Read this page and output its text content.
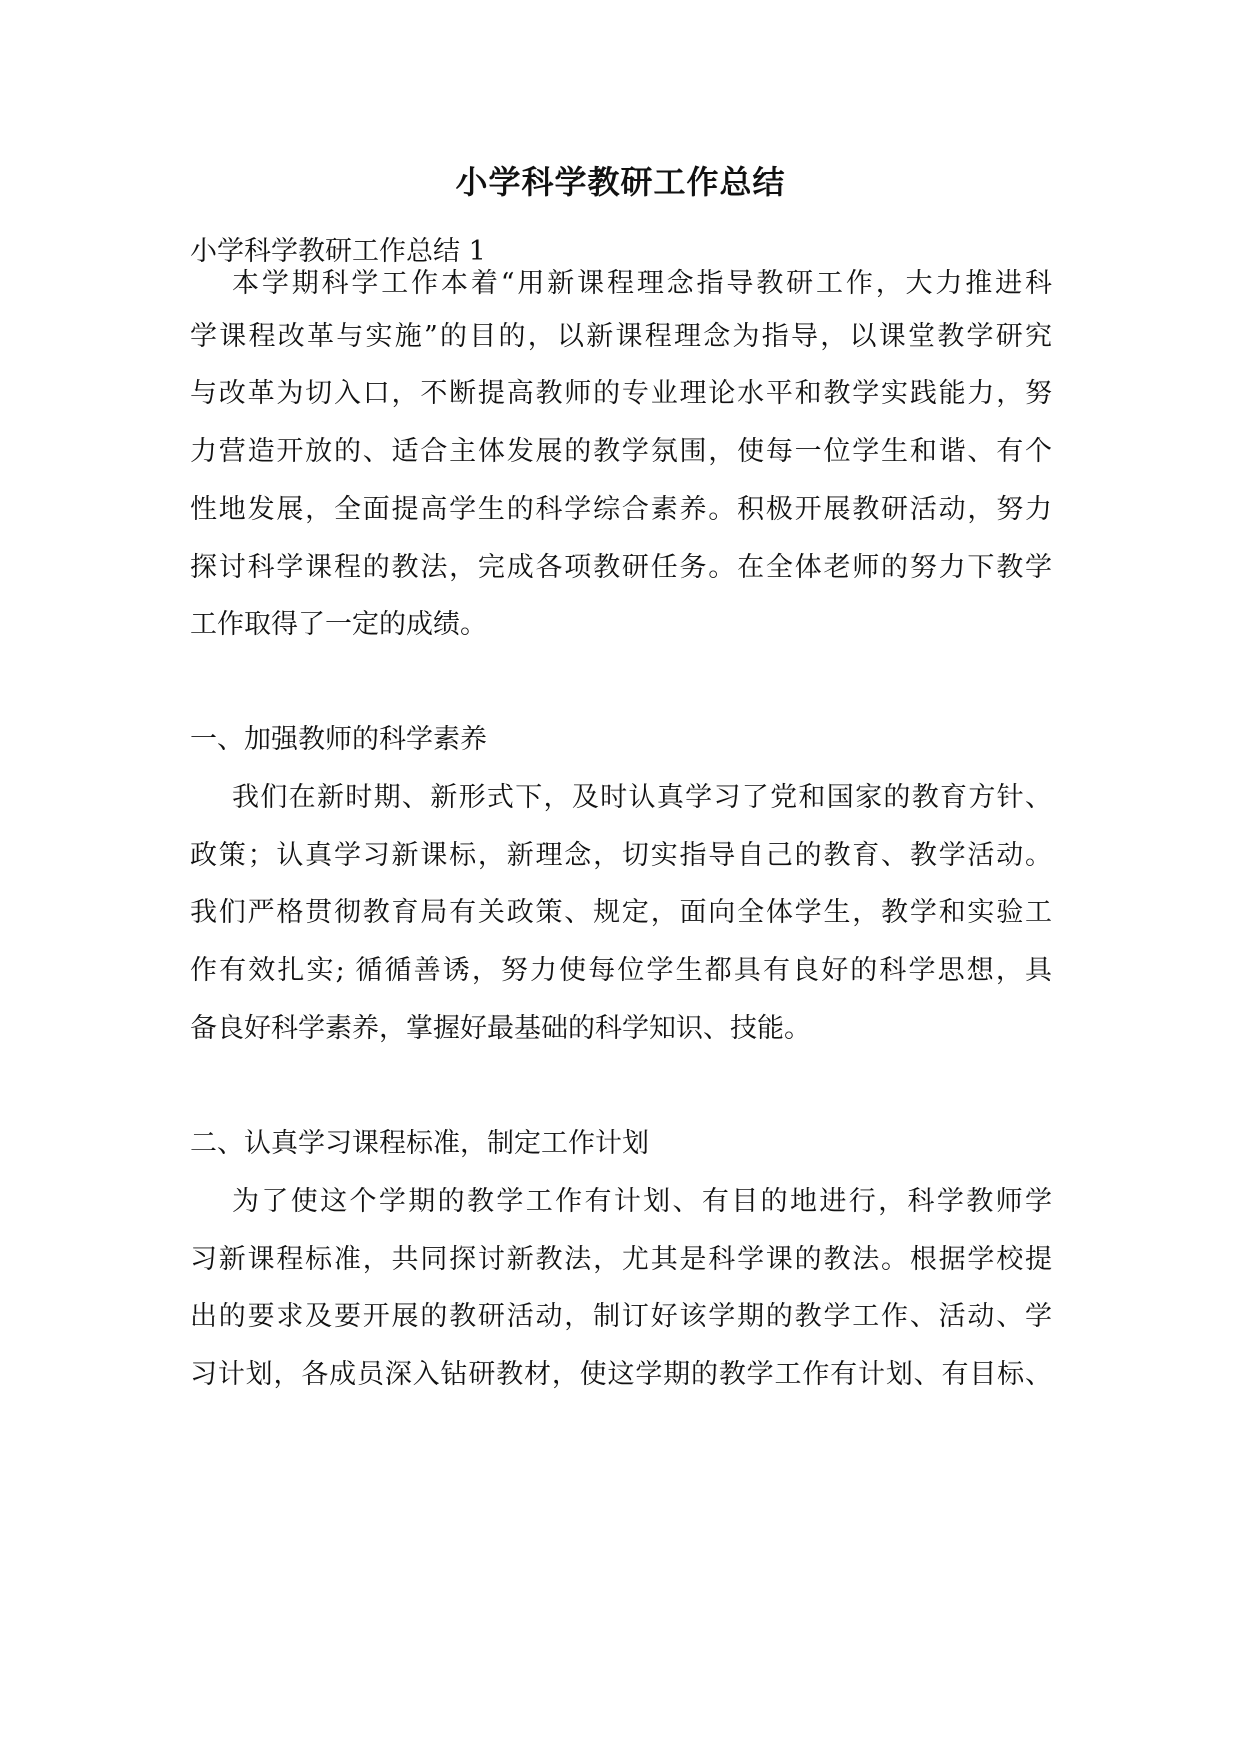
小学科学教研工作总结
小学科学教研工作总结 1
本学期科学工作本着“用新课程理念指导教研工作，大力推进科
学课程改革与实施”的目的，以新课程理念为指导，以课堂教学研究
与改革为切入口，不断提高教师的专业理论水平和教学实践能力，努
力营造开放的、适合主体发展的教学氛围，使每一位学生和谐、有个
性地发展，全面提高学生的科学综合素养。积极开展教研活动，努力
探讨科学课程的教法，完成各项教研任务。在全体老师的努力下教学
工作取得了一定的成绩。
一、加强教师的科学素养
我们在新时期、新形式下，及时认真学习了党和国家的教育方针、
政策；认真学习新课标，新理念，切实指导自己的教育、教学活动。
我们严格贯彻教育局有关政策、规定，面向全体学生，教学和实验工
作有效扎实; 循循善诱，努力使每位学生都具有良好的科学思想，具
备良好科学素养，掌握好最基础的科学知识、技能。
二、认真学习课程标准，制定工作计划
为了使这个学期的教学工作有计划、有目的地进行，科学教师学
习新课程标准，共同探讨新教法，尤其是科学课的教法。根据学校提
出的要求及要开展的教研活动，制订好该学期的教学工作、活动、学
习计划，各成员深入钻研教材，使这学期的教学工作有计划、有目标、
